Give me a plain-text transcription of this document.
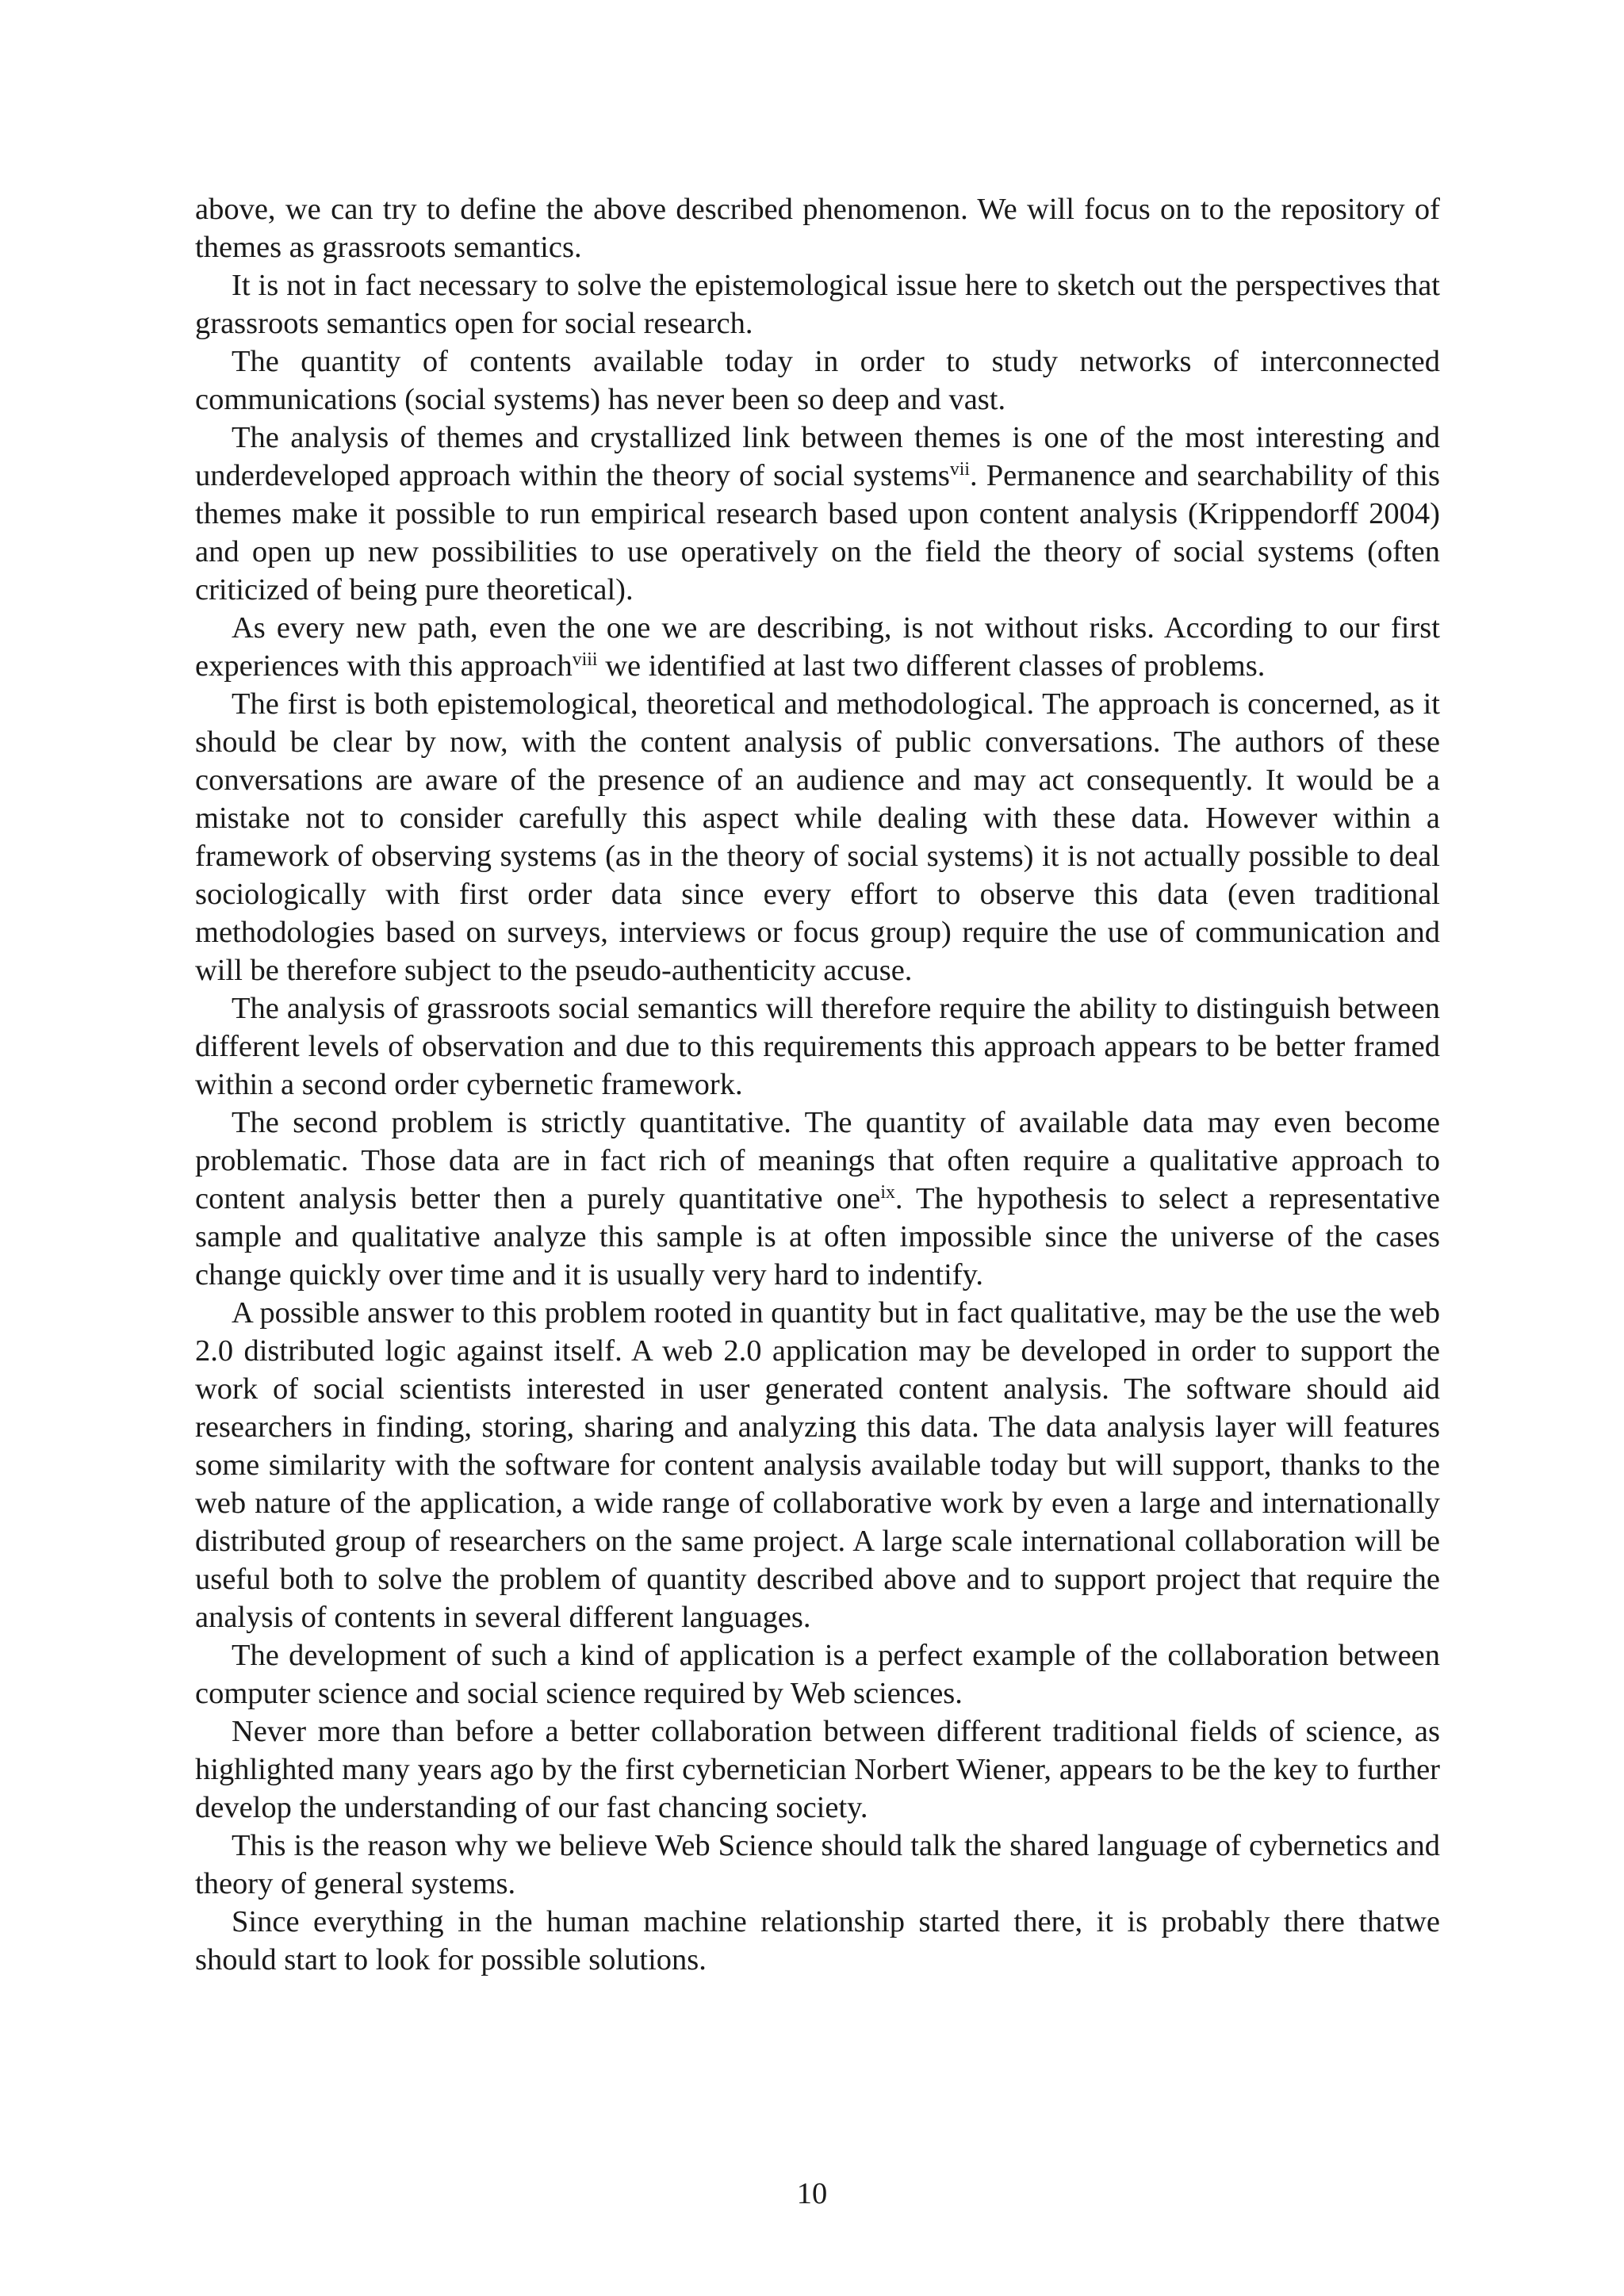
above, we can try to define the above described phenomenon. We will focus on to the repository of themes as grassroots semantics.

It is not in fact necessary to solve the epistemological issue here to sketch out the perspectives that grassroots semantics open for social research.

The quantity of contents available today in order to study networks of interconnected communications (social systems) has never been so deep and vast.

The analysis of themes and crystallized link between themes is one of the most interesting and underdeveloped approach within the theory of social systems$^{vii}$. Permanence and searchability of this themes make it possible to run empirical research based upon content analysis (Krippendorff 2004) and open up new possibilities to use operatively on the field the theory of social systems (often criticized of being pure theoretical).

As every new path, even the one we are describing, is not without risks. According to our first experiences with this approach$^{viii}$ we identified at last two different classes of problems.

The first is both epistemological, theoretical and methodological. The approach is concerned, as it should be clear by now, with the content analysis of public conversations. The authors of these conversations are aware of the presence of an audience and may act consequently. It would be a mistake not to consider carefully this aspect while dealing with these data. However within a framework of observing systems (as in the theory of social systems) it is not actually possible to deal sociologically with first order data since every effort to observe this data (even traditional methodologies based on surveys, interviews or focus group) require the use of communication and will be therefore subject to the pseudo-authenticity accuse.

The analysis of grassroots social semantics will therefore require the ability to distinguish between different levels of observation and due to this requirements this approach appears to be better framed within a second order cybernetic framework.

The second problem is strictly quantitative. The quantity of available data may even become problematic. Those data are in fact rich of meanings that often require a qualitative approach to content analysis better then a purely quantitative one$^{ix}$. The hypothesis to select a representative sample and qualitative analyze this sample is at often impossible since the universe of the cases change quickly over time and it is usually very hard to indentify.

A possible answer to this problem rooted in quantity but in fact qualitative, may be the use the web 2.0 distributed logic against itself. A web 2.0 application may be developed in order to support the work of social scientists interested in user generated content analysis. The software should aid researchers in finding, storing, sharing and analyzing this data. The data analysis layer will features some similarity with the software for content analysis available today but will support, thanks to the web nature of the application, a wide range of collaborative work by even a large and internationally distributed group of researchers on the same project. A large scale international collaboration will be useful both to solve the problem of quantity described above and to support project that require the analysis of contents in several different languages.

The development of such a kind of application is a perfect example of the collaboration between computer science and social science required by Web sciences.

Never more than before a better collaboration between different traditional fields of science, as highlighted many years ago by the first cybernetician Norbert Wiener, appears to be the key to further develop the understanding of our fast chancing society.

This is the reason why we believe Web Science should talk the shared language of cybernetics and theory of general systems.

Since everything in the human machine relationship started there, it is probably there thatwe should start to look for possible solutions.

10
